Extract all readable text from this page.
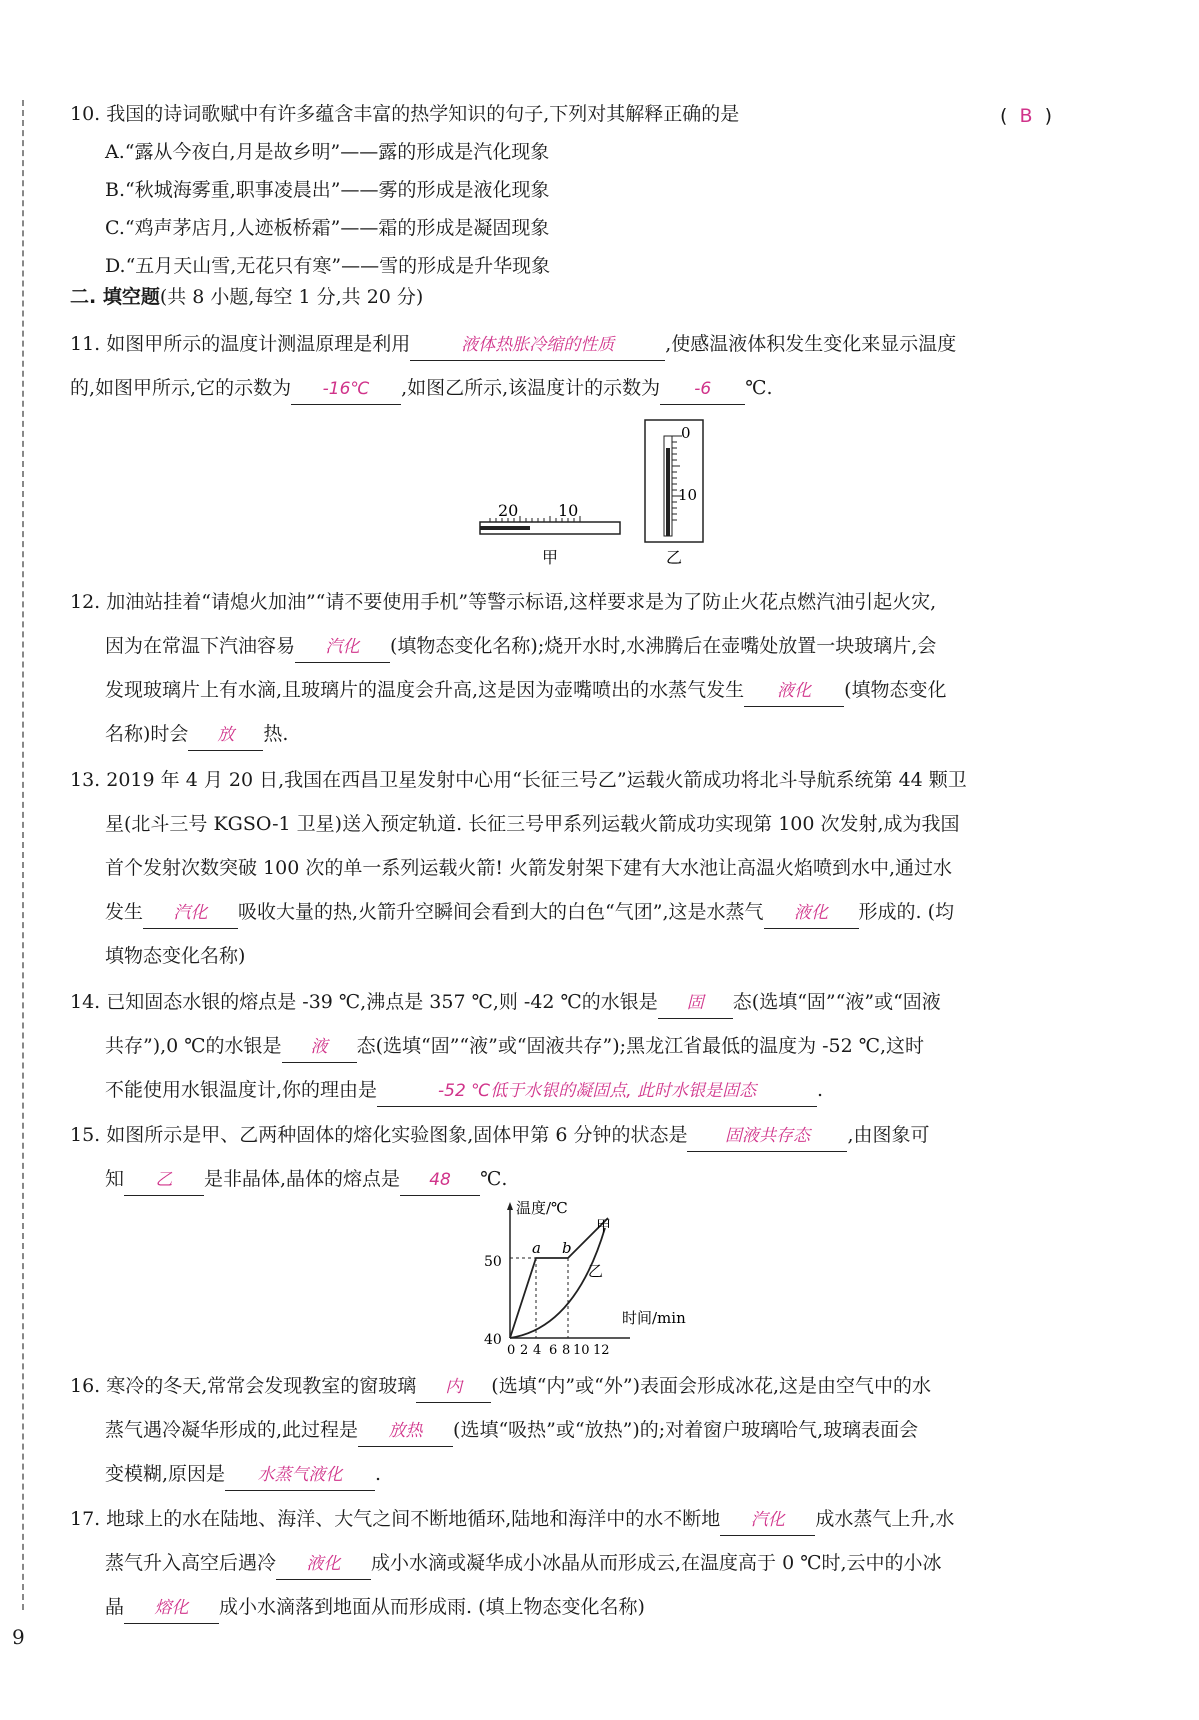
10. 我国的诗词歌赋中有许多蕴含丰富的热学知识的句子,下列对其解释正确的是

A.“露从今夜白,月是故乡明”——露的形成是汽化现象

B.“秋城海雾重,职事凌晨出”——雾的形成是液化现象

C.“鸡声茅店月,人迹板桥霜”——霜的形成是凝固现象

D.“五月天山雪,无花只有寒”——雪的形成是升华现象

( B )
二. 填空题(共 8 小题,每空 1 分,共 20 分)

11. 如图甲所示的温度计测温原理是利用	液体热胀冷缩的性质	,使感温液体积发生变化来显示温度

的,如图甲所示,它的示数为 -16℃ ,如图乙所示,该温度计的示数为 -6 ℃.

20 10
甲
0
10
乙

12. 加油站挂着“请熄火加油”“请不要使用手机”等警示标语,这样要求是为了防止火花点燃汽油引起火灾,

因为在常温下汽油容易 汽化 (填物态变化名称);烧开水时,水沸腾后在壶嘴处放置一块玻璃片,会

发现玻璃片上有水滴,且玻璃片的温度会升高,这是因为壶嘴喷出的水蒸气发生 液化 (填物态变化

名称)时会 放 热.

13. 2019 年 4 月 20 日,我国在西昌卫星发射中心用“长征三号乙”运载火箭成功将北斗导航系统第 44 颗卫

星(北斗三号 KGSO-1 卫星)送入预定轨道. 长征三号甲系列运载火箭成功实现第 100 次发射,成为我国

首个发射次数突破 100 次的单一系列运载火箭! 火箭发射架下建有大水池让高温火焰喷到水中,通过水

发生 汽化 吸收大量的热,火箭升空瞬间会看到大的白色“气团”,这是水蒸气 液化 形成的. (均

填物态变化名称)

14. 已知固态水银的熔点是 -39 ℃,沸点是 357 ℃,则 -42 ℃的水银是 固 态(选填“固”“液”或“固液

共存”),0 ℃的水银是 液 态(选填“固”“液”或“固液共存”);黑龙江省最低的温度为 -52 ℃,这时

不能使用水银温度计,你的理由是	-52 ℃低于水银的凝固点, 此时水银是固态	.

15. 如图所示是甲、乙两种固体的熔化实验图象,固体甲第 6 分钟的状态是 固液共存态 ,由图象可

知 乙 是非晶体,晶体的熔点是 48 ℃.

温度/℃
时间/min
50
40
0 2 4 6 8 10 12
a b
甲
乙

16. 寒冷的冬天,常常会发现教室的窗玻璃 内 (选填“内”或“外”)表面会形成冰花,这是由空气中的水

蒸气遇冷凝华形成的,此过程是 放热 (选填“吸热”或“放热”)的;对着窗户玻璃哈气,玻璃表面会

变模糊,原因是 水蒸气液化 .

17. 地球上的水在陆地、海洋、大气之间不断地循环,陆地和海洋中的水不断地 汽化 成水蒸气上升,水

蒸气升入高空后遇冷 液化 成小水滴或凝华成小冰晶从而形成云,在温度高于 0 ℃时,云中的小冰

晶 熔化 成小水滴落到地面从而形成雨. (填上物态变化名称)

9
